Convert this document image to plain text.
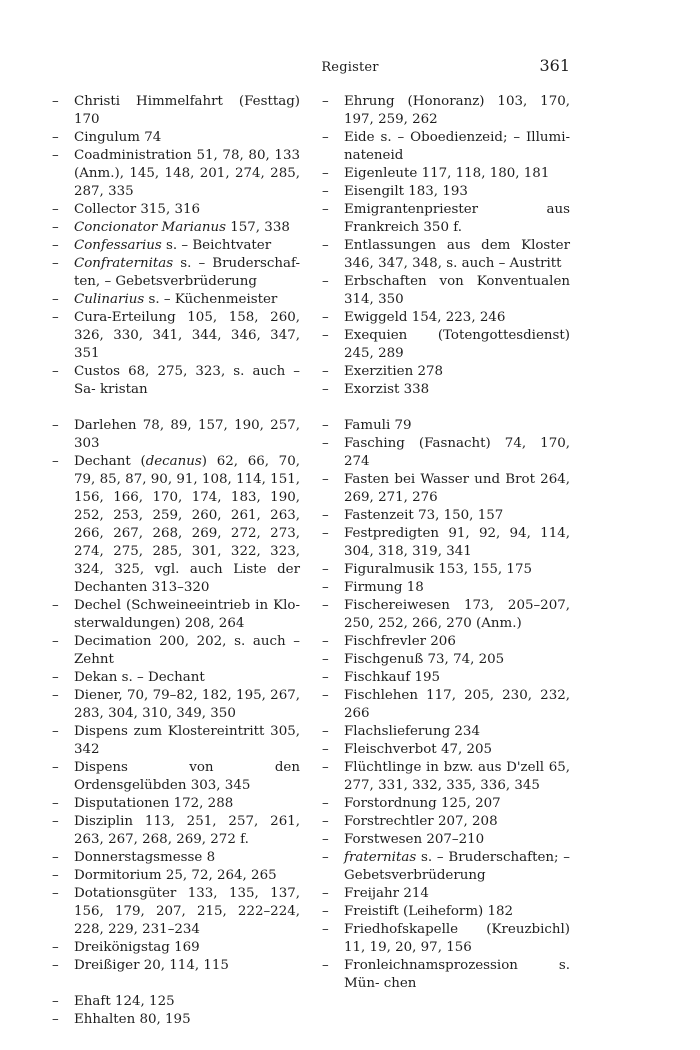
Register	361
– Christi Himmelfahrt (Festtag) 170
– Cingulum 74
– Coadministration 51, 78, 80, 133 (Anm.), 145, 148, 201, 274, 285, 287, 335
– Collector 315, 316
– Concionator Marianus 157, 338
– Confessarius s. – Beichtvater
– Confraternitas s. – Bruderschaf- ten, – Gebetsverbrüderung
– Culinarius s. – Küchenmeister
– Cura-Erteilung 105, 158, 260, 326, 330, 341, 344, 346, 347, 351
– Custos 68, 275, 323, s. auch – Sa- kristan
– Darlehen 78, 89, 157, 190, 257, 303
– Dechant (decanus) 62, 66, 70, 79, 85, 87, 90, 91, 108, 114, 151, 156, 166, 170, 174, 183, 190, 252, 253, 259, 260, 261, 263, 266, 267, 268, 269, 272, 273, 274, 275, 285, 301, 322, 323, 324, 325, vgl. auch Liste der Dechanten 313–320
– Dechel (Schweineeintrieb in Klo- sterwaldungen) 208, 264
– Decimation 200, 202, s. auch – Zehnt
– Dekan s. – Dechant
– Diener, 70, 79–82, 182, 195, 267, 283, 304, 310, 349, 350
– Dispens zum Klostereintritt 305, 342
– Dispens von den Ordensgelübden 303, 345
– Disputationen 172, 288
– Disziplin 113, 251, 257, 261, 263, 267, 268, 269, 272 f.
– Donnerstagsmesse 8
– Dormitorium 25, 72, 264, 265
– Dotationsgüter 133, 135, 137, 156, 179, 207, 215, 222–224, 228, 229, 231–234
– Dreikönigstag 169
– Dreißiger 20, 114, 115
– Ehaft 124, 125
– Ehhalten 80, 195
– Ehrung (Honoranz) 103, 170, 197, 259, 262
– Eide s. – Oboedienzeid; – Illumi- nateneid
– Eigenleute 117, 118, 180, 181
– Eisengilt 183, 193
– Emigrantenpriester aus Frankreich 350 f.
– Entlassungen aus dem Kloster 346, 347, 348, s. auch – Austritt
– Erbschaften von Konventualen 314, 350
– Ewiggeld 154, 223, 246
– Exequien (Totengottesdienst) 245, 289
– Exerzitien 278
– Exorzist 338
– Famuli 79
– Fasching (Fasnacht) 74, 170, 274
– Fasten bei Wasser und Brot 264, 269, 271, 276
– Fastenzeit 73, 150, 157
– Festpredigten 91, 92, 94, 114, 304, 318, 319, 341
– Figuralmusik 153, 155, 175
– Firmung 18
– Fischereiwesen 173, 205–207, 250, 252, 266, 270 (Anm.)
– Fischfrevler 206
– Fischgenuß 73, 74, 205
– Fischkauf 195
– Fischlehen 117, 205, 230, 232, 266
– Flachslieferung 234
– Fleischverbot 47, 205
– Flüchtlinge in bzw. aus D'zell 65, 277, 331, 332, 335, 336, 345
– Forstordnung 125, 207
– Forstrechtler 207, 208
– Forstwesen 207–210
– fraternitas s. – Bruderschaften; – Gebetsverbrüderung
– Freijahr 214
– Freistift (Leiheform) 182
– Friedhofskapelle (Kreuzbichl) 11, 19, 20, 97, 156
– Fronleichnamsprozession s. Mün- chen
